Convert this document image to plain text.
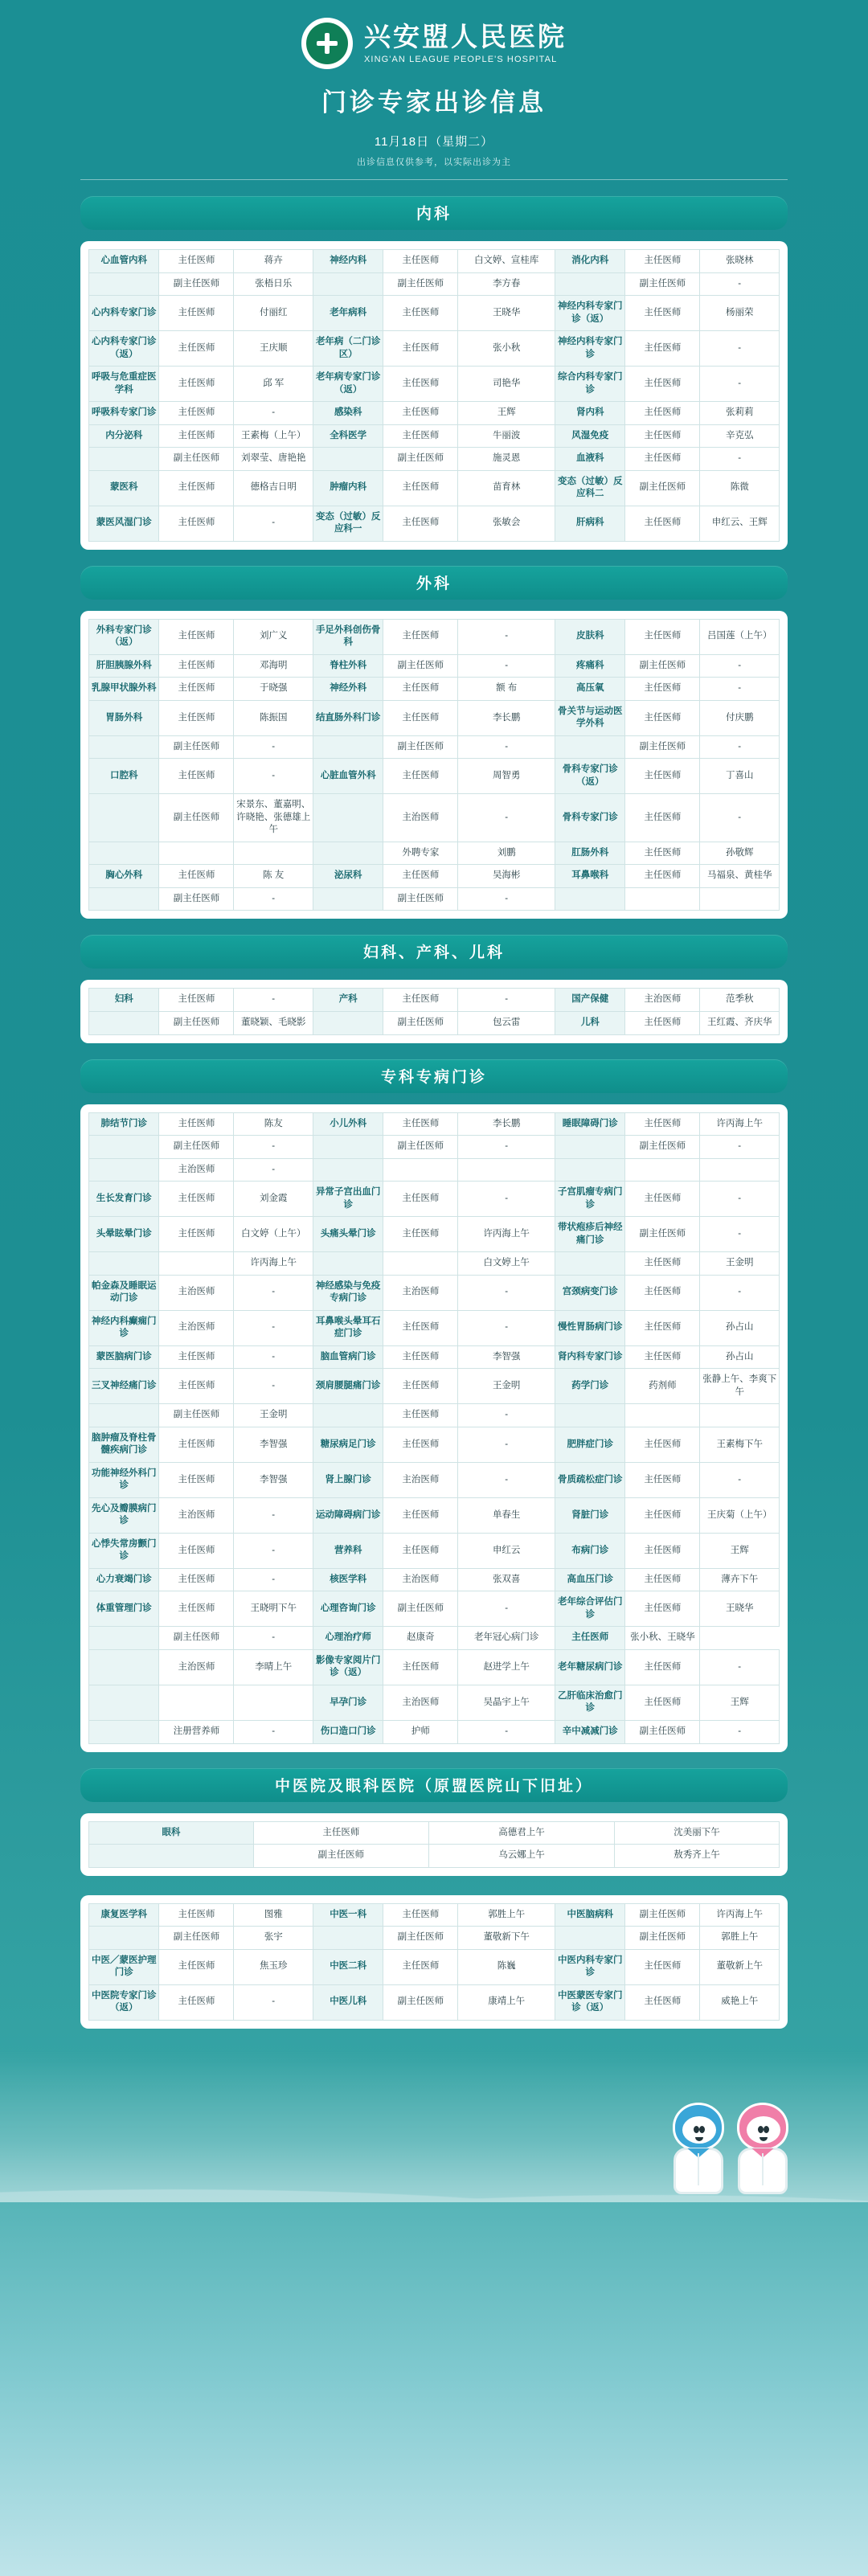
兴安盟人民医院
XING'AN LEAGUE PEOPLE'S HOSPITAL
门诊专家出诊信息
11月18日（星期二）
出诊信息仅供参考，以实际出诊为主
内科
心血管内科	主任医师	蒋卉	神经内科	主任医师	白文婷、宣桂库	消化内科	主任医师	张晓林
	副主任医师	张梧日乐		副主任医师	李方春		副主任医师	-
心内科专家门诊	主任医师	付丽红	老年病科	主任医师	王晓华	神经内科专家门诊（返）	主任医师	杨丽荣
心内科专家门诊（返）	主任医师	王庆顺	老年病（二门诊区）	主任医师	张小秋	神经内科专家门诊	主任医师	-
呼吸与危重症医学科	主任医师	邱 军	老年病专家门诊（返）	主任医师	司艳华	综合内科专家门诊	主任医师	-
呼吸科专家门诊	主任医师	-	感染科	主任医师	王辉	肾内科	主任医师	张莉莉
内分泌科	主任医师	王素梅（上午）	全科医学	主任医师	牛丽波	风湿免疫	主任医师	辛克弘
	副主任医师	刘翠莹、唐艳艳		副主任医师	施灵恩	血液科	主任医师	-
蒙医科	主任医师	德格吉日明	肿瘤内科	主任医师	苗育林	变态（过敏）反应科二	副主任医师	陈微
蒙医风湿门诊	主任医师	-	变态（过敏）反应科一	主任医师	张敏会	肝病科	主任医师	申红云、王辉
外科
外科专家门诊（返）	主任医师	刘广义	手足外科创伤骨科	主任医师	-	皮肤科	主任医师	吕国莲（上午）
肝胆胰腺外科	主任医师	邓海明	脊柱外科	副主任医师	-	疼痛科	副主任医师	-
乳腺甲状腺外科	主任医师	于晓强	神经外科	主任医师	额 布	高压氧	主任医师	-
胃肠外科	主任医师	陈振国	结直肠外科门诊	主任医师	李长鹏	骨关节与运动医学外科	主任医师	付庆鹏
	副主任医师	-		副主任医师	-		副主任医师	-
口腔科	主任医师	-	心脏血管外科	主任医师	周智勇	骨科专家门诊（返）	主任医师	丁喜山
	副主任医师	宋景东、董嘉明、许晓艳、张德雄上午		主治医师	-	骨科专家门诊	主任医师	-
				外聘专家	刘鹏	肛肠外科	主任医师	孙敬辉
胸心外科	主任医师	陈 友	泌尿科	主任医师	吴海彬	耳鼻喉科	主任医师	马福泉、黄桂华
	副主任医师	-		副主任医师	-			
妇科、产科、儿科
妇科	主任医师	-	产科	主任医师	-	国产保健	主治医师	范季秋
	副主任医师	董晓颖、毛晓影		副主任医师	包云雷	儿科	主任医师	王红霞、齐庆华
专科专病门诊
肺结节门诊	主任医师	陈友	小儿外科	主任医师	李长鹏	睡眠障碍门诊	主任医师	许丙海上午
	副主任医师	-		副主任医师	-		副主任医师	-
	主治医师	-						
生长发育门诊	主任医师	刘金霞	异常子宫出血门诊	主任医师	-	子宫肌瘤专病门诊	主任医师	-
头晕眩晕门诊	主任医师	白文婷（上午）	头痛头晕门诊	主任医师	许丙海上午	带状疱疹后神经痛门诊	副主任医师	-
		许丙海上午			白文婷上午		主任医师	王金明
帕金森及睡眠运动门诊	主治医师	-	神经感染与免疫专病门诊	主治医师	-	宫颈病变门诊	主任医师	-
神经内科癫痫门诊	主治医师	-	耳鼻喉头晕耳石症门诊	主任医师	-	慢性胃肠病门诊	主任医师	孙占山
蒙医脑病门诊	主任医师	-	脑血管病门诊	主任医师	李智强	肾内科专家门诊	主任医师	孙占山
三叉神经痛门诊	主任医师	-	颈肩腰腿痛门诊	主任医师	王金明	药学门诊	药剂师	张静上午、李爽下午
	副主任医师	王金明		主任医师	-			
脑肿瘤及脊柱骨髓疾病门诊	主任医师	李智强	糖尿病足门诊	主任医师	-	肥胖症门诊	主任医师	王素梅下午
功能神经外科门诊	主任医师	李智强	肾上腺门诊	主治医师	-	骨质疏松症门诊	主任医师	-
先心及瓣膜病门诊	主治医师	-	运动障碍病门诊	主任医师	单春生	肾脏门诊	主任医师	王庆菊（上午）
心悸失常房颤门诊	主任医师	-	营养科	主任医师	申红云	布病门诊	主任医师	王辉
心力衰竭门诊	主任医师	-	核医学科	主治医师	张双喜	高血压门诊	主任医师	薄卉下午
体重管理门诊	主任医师	王晓明下午	心理咨询门诊	副主任医师	-	老年综合评估门诊	主任医师	王晓华
	副主任医师	-	心理治疗师	赵康奇	老年冠心病门诊	主任医师	张小秋、王晓华	
	主治医师	李晴上午	影像专家阅片门诊（返）	主任医师	赵进学上午	老年糖尿病门诊	主任医师	-
			早孕门诊	主治医师	吴晶宇上午	乙肝临床治愈门诊	主任医师	王辉
	注册营养师	-	伤口造口门诊	护师	-	辛中减减门诊	副主任医师	-
中医院及眼科医院（原盟医院山下旧址）
眼科	主任医师	高德君上午	沈美丽下午
	副主任医师	乌云娜上午	敖秀齐上午
康复医学科	主任医师	图雅	中医一科	主任医师	郭胜上午	中医脑病科	副主任医师	许丙海上午
	副主任医师	张宇		副主任医师	董敬新下午		副主任医师	郭胜上午
中医／蒙医护理门诊	主任医师	焦玉珍	中医二科	主任医师	陈巍	中医内科专家门诊	主任医师	董敬新上午
中医院专家门诊（返）	主任医师	-	中医儿科	副主任医师	康靖上午	中医蒙医专家门诊（返）	主任医师	威艳上午
